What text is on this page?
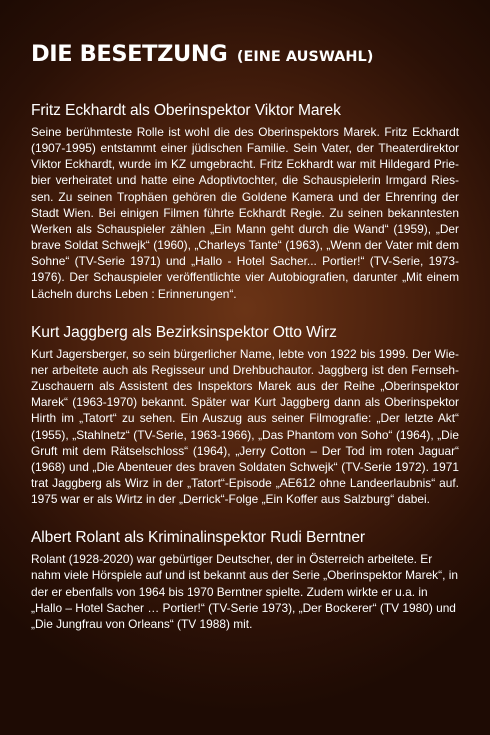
DIE BESETZUNG (EINE AUSWAHL)
Fritz Eckhardt als Oberinspektor Viktor Marek

Seine berühmteste Rolle ist wohl die des Oberinspektors Marek. Fritz Eckhardt (1907-1995) entstammt einer jüdischen Familie. Sein Vater, der Theaterdirektor Viktor Eckhardt, wurde im KZ umgebracht. Fritz Eckhardt war mit Hildegard Priebier verheiratet und hatte eine Adoptivtochter, die Schauspielerin Irmgard Riessen. Zu seinen Trophäen gehören die Goldene Kamera und der Ehrenring der Stadt Wien. Bei einigen Filmen führte Eckhardt Regie. Zu seinen bekanntesten Werken als Schauspieler zählen „Ein Mann geht durch die Wand“ (1959), „Der brave Soldat Schwejk“ (1960), „Charleys Tante“ (1963), „Wenn der Vater mit dem Sohne“ (TV-Serie 1971) und „Hallo - Hotel Sacher... Portier!“ (TV-Serie, 1973-1976). Der Schauspieler veröffentlichte vier Autobiografien, darunter „Mit einem Lächeln durchs Leben : Erinnerungen“.

Kurt Jaggberg als Bezirksinspektor Otto Wirz

Kurt Jagersberger, so sein bürgerlicher Name, lebte von 1922 bis 1999. Der Wiener arbeitete auch als Regisseur und Drehbuchautor. Jaggberg ist den Fernseh-Zuschauern als Assistent des Inspektors Marek aus der Reihe „Oberinspektor Marek“ (1963-1970) bekannt. Später war Kurt Jaggberg dann als Oberinspektor Hirth im „Tatort“ zu sehen. Ein Auszug aus seiner Filmografie: „Der letzte Akt“ (1955), „Stahlnetz“ (TV-Serie, 1963-1966), „Das Phantom von Soho“ (1964), „Die Gruft mit dem Rätselschloss“ (1964), „Jerry Cotton – Der Tod im roten Jaguar“ (1968) und „Die Abenteuer des braven Soldaten Schwejk“ (TV-Serie 1972). 1971 trat Jaggberg als Wirz in der „Tatort“-Episode „AE612 ohne Landeerlaubnis“ auf. 1975 war er als Wirtz in der „Derrick“-Folge „Ein Koffer aus Salzburg“ dabei.

Albert Rolant als Kriminalinspektor Rudi Berntner

Rolant (1928-2020) war gebürtiger Deutscher, der in Österreich arbeitete. Er nahm viele Hörspiele auf und ist bekannt aus der Serie „Oberinspektor Marek“, in der er ebenfalls von 1964 bis 1970 Berntner spielte. Zudem wirkte er u.a. in „Hallo – Hotel Sacher … Portier!“ (TV-Serie 1973), „Der Bockerer“ (TV 1980) und „Die Jungfrau von Orleans“ (TV 1988) mit.
